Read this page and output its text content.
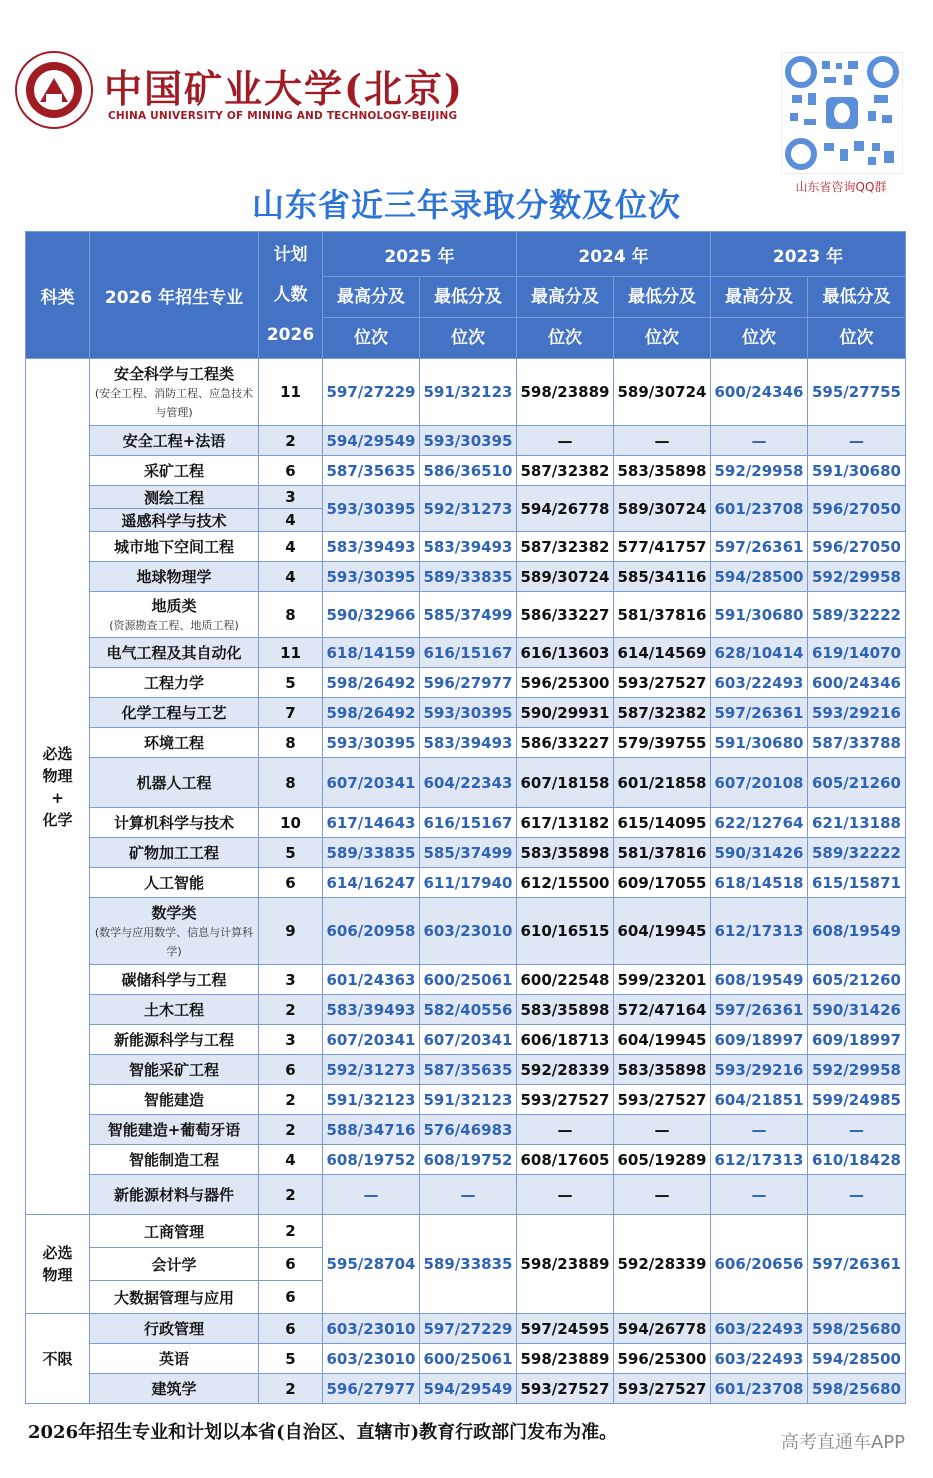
中国矿业大学(北京)
CHINA UNIVERSITY OF MINING AND TECHNOLOGY-BEIJING
山东省咨询QQ群
山东省近三年录取分数及位次
科类	2026 年招生专业	计划
人数
2026	2025 年		2024 年		2023 年	
			最高分及	最低分及	最高分及	最低分及	最高分及	最低分及
			位次	位次	位次	位次	位次	位次

必选
物理
+
化学	安全科学与工程类
(安全工程、消防工程、应急技术与管理)	11	597/27229	591/32123	598/23889	589/30724	600/24346	595/27755

	安全工程+法语	2	594/29549	593/30395	—	—	—	—

	采矿工程	6	587/35635	586/36510	587/32382	583/35898	592/29958	591/30680

	测绘工程	3	593/30395	592/31273	594/26778	589/30724	601/23708	596/27050

	遥感科学与技术	4						

	城市地下空间工程	4	583/39493	583/39493	587/32382	577/41757	597/26361	596/27050

	地球物理学	4	593/30395	589/33835	589/30724	585/34116	594/28500	592/29958

	地质类
(资源勘查工程、地质工程)	8	590/32966	585/37499	586/33227	581/37816	591/30680	589/32222

	电气工程及其自动化	11	618/14159	616/15167	616/13603	614/14569	628/10414	619/14070

	工程力学	5	598/26492	596/27977	596/25300	593/27527	603/22493	600/24346

	化学工程与工艺	7	598/26492	593/30395	590/29931	587/32382	597/26361	593/29216

	环境工程	8	593/30395	583/39493	586/33227	579/39755	591/30680	587/33788

	机器人工程	8	607/20341	604/22343	607/18158	601/21858	607/20108	605/21260

	计算机科学与技术	10	617/14643	616/15167	617/13182	615/14095	622/12764	621/13188

	矿物加工工程	5	589/33835	585/37499	583/35898	581/37816	590/31426	589/32222

	人工智能	6	614/16247	611/17940	612/15500	609/17055	618/14518	615/15871

	数学类
(数学与应用数学、信息与计算科学)	9	606/20958	603/23010	610/16515	604/19945	612/17313	608/19549

	碳储科学与工程	3	601/24363	600/25061	600/22548	599/23201	608/19549	605/21260

	土木工程	2	583/39493	582/40556	583/35898	572/47164	597/26361	590/31426

	新能源科学与工程	3	607/20341	607/20341	606/18713	604/19945	609/18997	609/18997

	智能采矿工程	6	592/31273	587/35635	592/28339	583/35898	593/29216	592/29958

	智能建造	2	591/32123	591/32123	593/27527	593/27527	604/21851	599/24985

	智能建造+葡萄牙语	2	588/34716	576/46983	—	—	—	—

	智能制造工程	4	608/19752	608/19752	608/17605	605/19289	612/17313	610/18428

	新能源材料与器件	2	—	—	—	—	—	—

必选
物理	工商管理	2	595/28704	589/33835	598/23889	592/28339	606/20656	597/26361

	会计学	6						

	大数据管理与应用	6						

不限	行政管理	6	603/23010	597/27229	597/24595	594/26778	603/22493	598/25680

	英语	5	603/23010	600/25061	598/23889	596/25300	603/22493	594/28500

	建筑学	2	596/27977	594/29549	593/27527	593/27527	601/23708	598/25680
2026年招生专业和计划以本省(自治区、直辖市)教育行政部门发布为准。	高考直通车APP
